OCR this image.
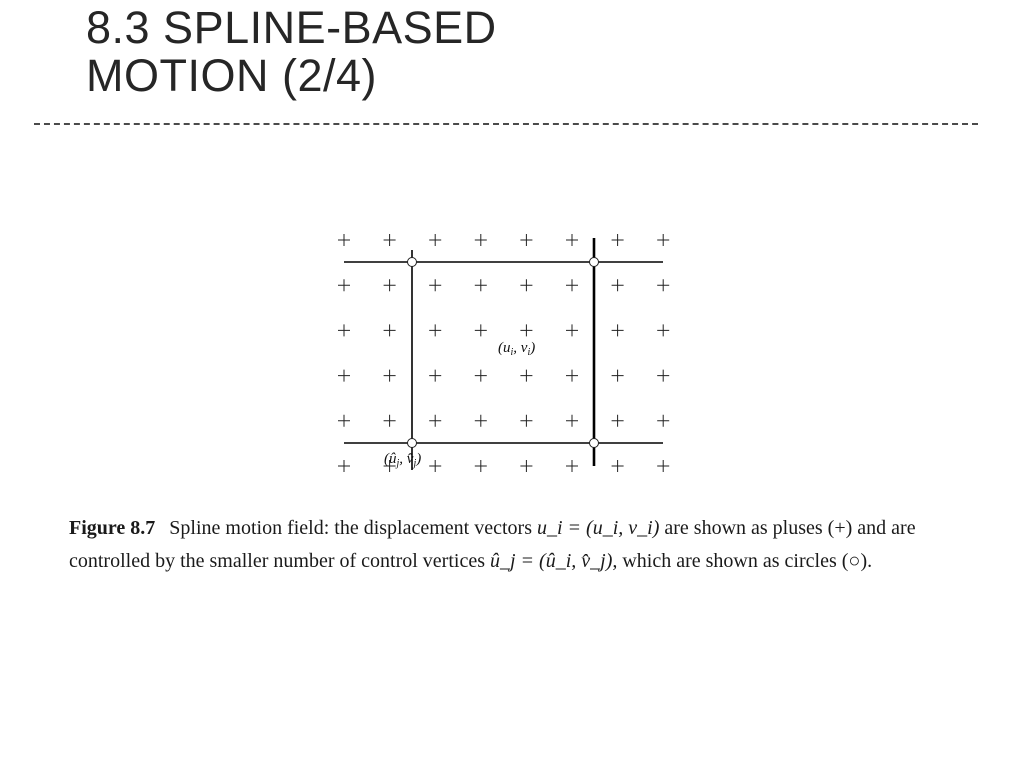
8.3 SPLINE-BASED
MOTION (2/4)
($u_i$, $v_i$)
($û_j$, $v̂_j$)
Figure 8.7 Spline motion field: the displacement vectors u_i = (u_i, v_i) are shown as pluses (+) and are controlled by the smaller number of control vertices û_j = (û_i, v̂_j), which are shown as circles (○).
